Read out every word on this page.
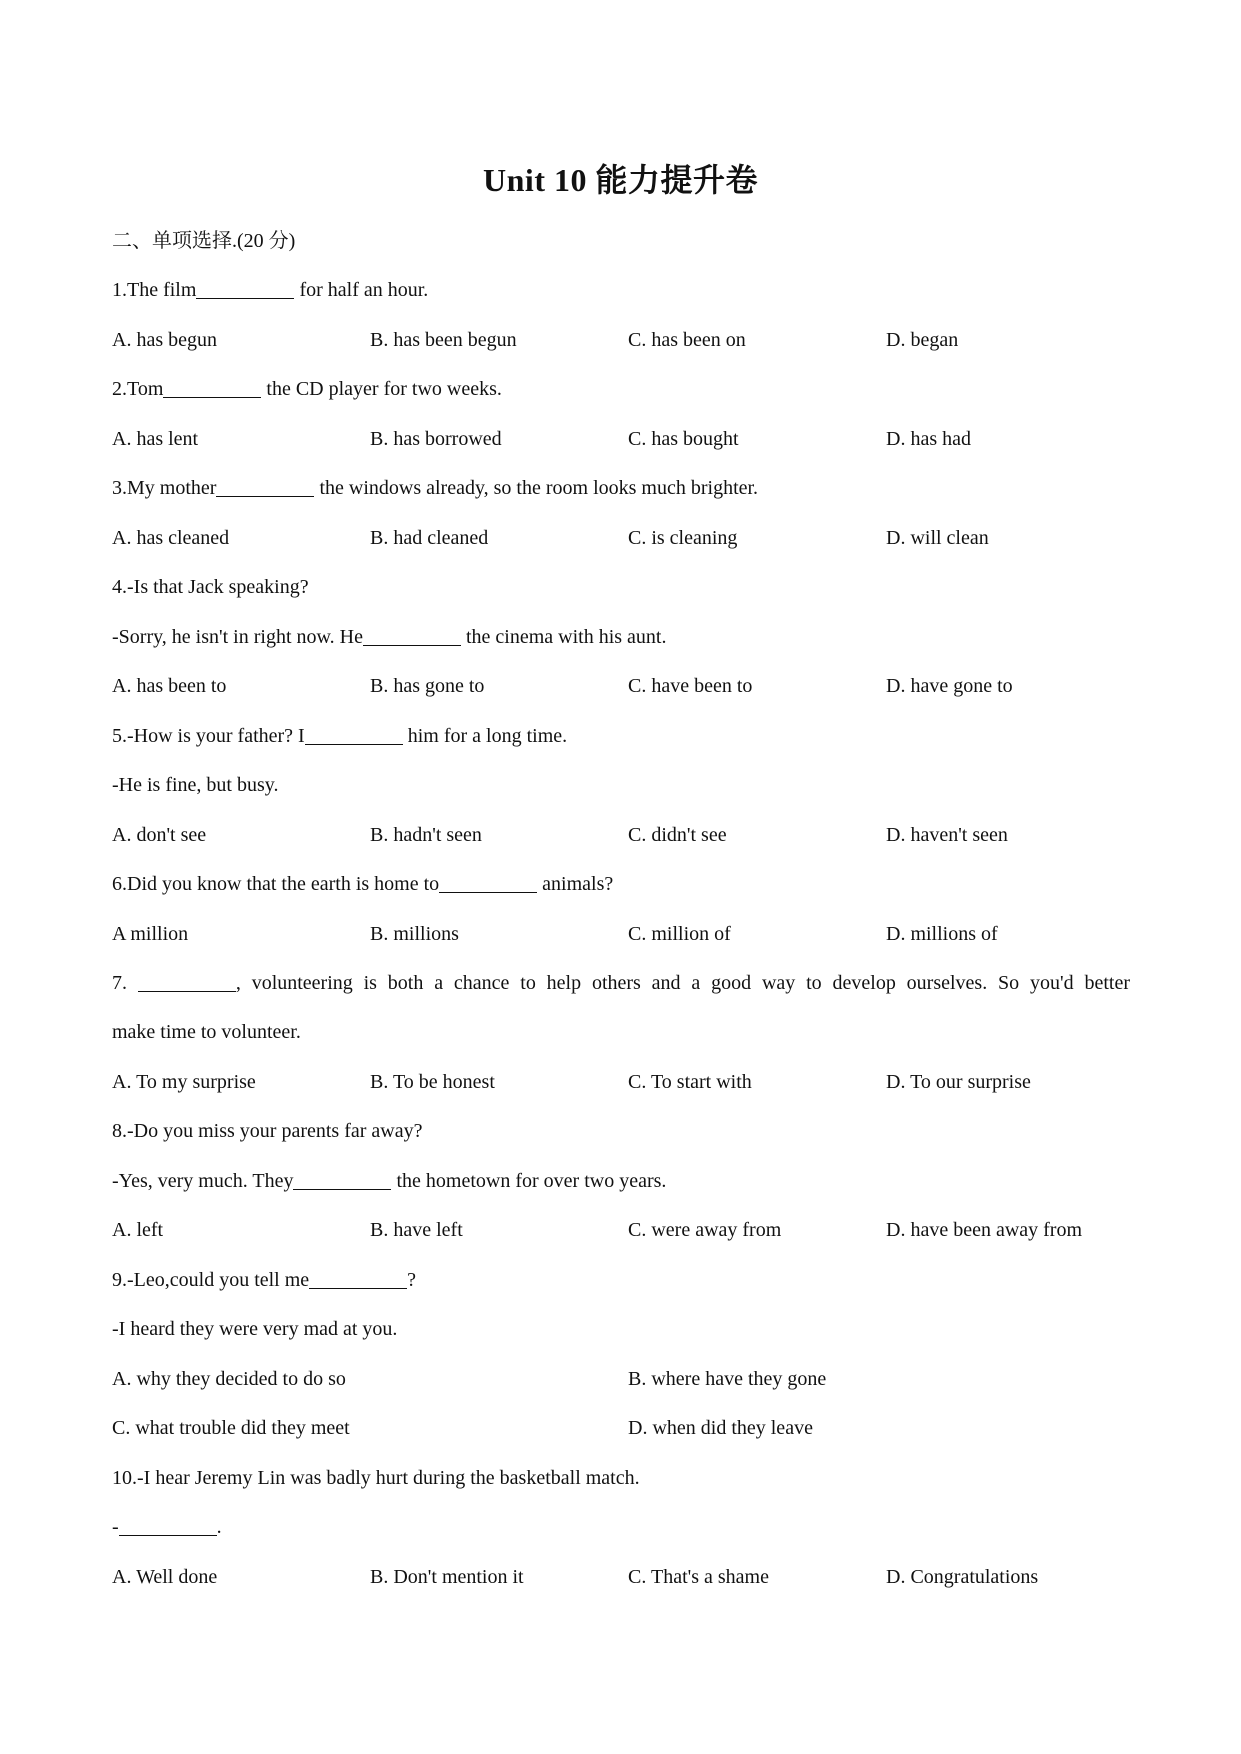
Unit 10 能力提升卷
二、单项选择.(20 分)
1.The film	for half an hour.
A. has begun	B. has been begun	C. has been on	D. began
2.Tom	the CD player for two weeks.
A. has lent	B. has borrowed	C. has bought	D. has had
3.My mother	the windows already, so the room looks much brighter.
A. has cleaned	B. had cleaned	C. is cleaning	D. will clean
4.-Is that Jack speaking?
-Sorry, he isn't in right now. He	the cinema with his aunt.
A. has been to	B. has gone to	C. have been to	D. have gone to
5.-How is your father? I	him for a long time.
-He is fine, but busy.
A. don't see	B. hadn't seen	C. didn't see	D. haven't seen
6.Did you know that the earth is home to	animals?
A million	B. millions	C. million of	D. millions of
7.	, volunteering is both a chance to help others and a good way to develop ourselves. So you'd better
make time to volunteer.
A. To my surprise	B. To be honest	C. To start with	D. To our surprise
8.-Do you miss your parents far away?
-Yes, very much. They	the hometown for over two years.
A. left	B. have left	C. were away from	D. have been away from
9.-Leo,could you tell me	?
-I heard they were very mad at you.
A. why they decided to do so	B. where have they gone
C. what trouble did they meet	D. when did they leave
10.-I hear Jeremy Lin was badly hurt during the basketball match.
-	.
A. Well done	B. Don't mention it	C. That's a shame	D. Congratulations
